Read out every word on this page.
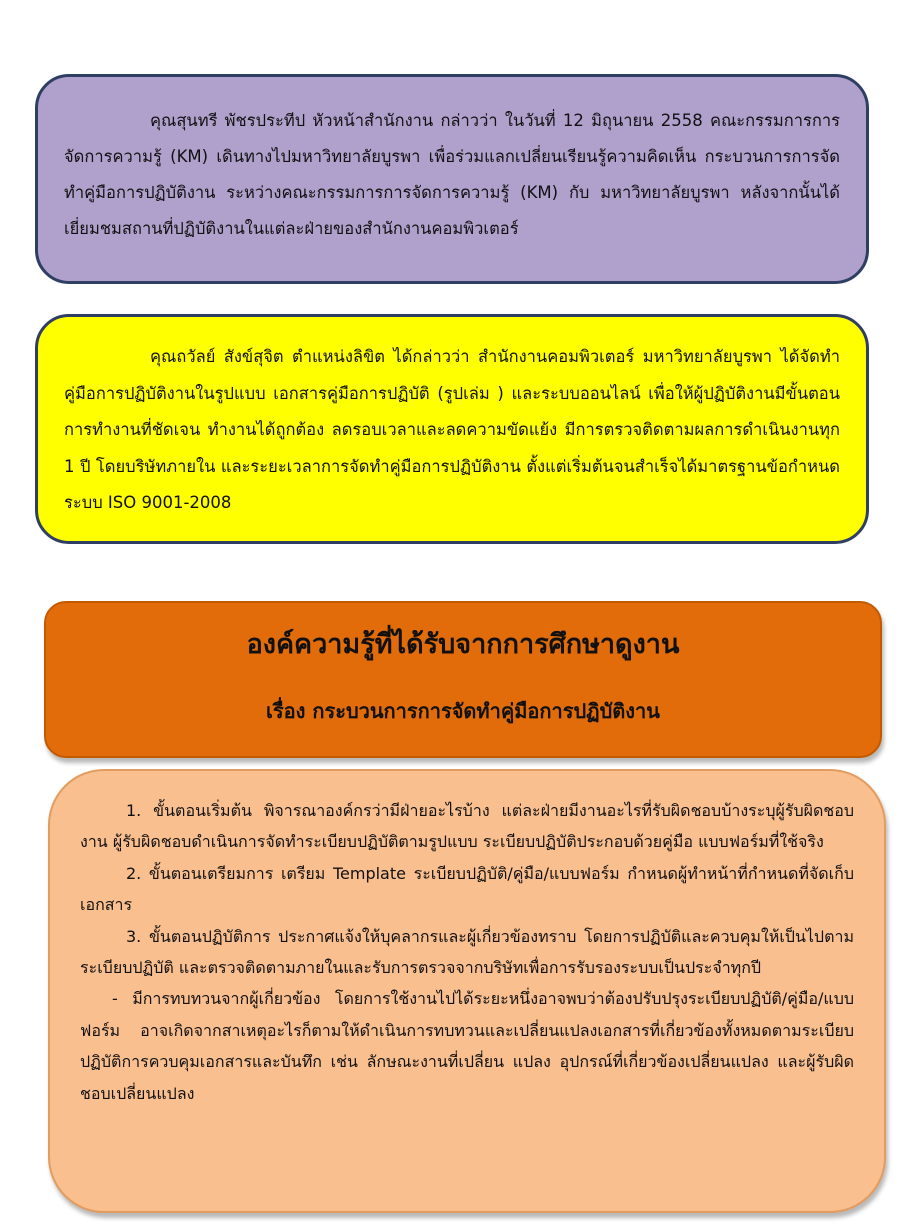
คุณสุนทรี พัชรประทีป หัวหน้าสำนักงาน กล่าวว่า ในวันที่ 12 มิถุนายน 2558 คณะกรรมการการจัดการความรู้ (KM) เดินทางไปมหาวิทยาลัยบูรพา เพื่อร่วมแลกเปลี่ยนเรียนรู้ความคิดเห็น กระบวนการการจัดทำคู่มือการปฏิบัติงาน ระหว่างคณะกรรมการการจัดการความรู้ (KM) กับ มหาวิทยาลัยบูรพา หลังจากนั้นได้เยี่ยมชมสถานที่ปฏิบัติงานในแต่ละฝ่ายของสำนักงานคอมพิวเตอร์

คุณถวัลย์ สังข์สุจิต ตำแหน่งลิขิต ได้กล่าวว่า สำนักงานคอมพิวเตอร์ มหาวิทยาลัยบูรพา ได้จัดทำคู่มือการปฏิบัติงานในรูปแบบ เอกสารคู่มือการปฏิบัติ (รูปเล่ม ) และระบบออนไลน์ เพื่อให้ผู้ปฏิบัติงานมีขั้นตอนการทำงานที่ชัดเจน ทำงานได้ถูกต้อง ลดรอบเวลาและลดความขัดแย้ง มีการตรวจติดตามผลการดำเนินงานทุก 1 ปี โดยบริษัทภายใน และระยะเวลาการจัดทำคู่มือการปฏิบัติงาน ตั้งแต่เริ่มต้นจนสำเร็จได้มาตรฐานข้อกำหนดระบบ ISO 9001-2008

องค์ความรู้ที่ได้รับจากการศึกษาดูงาน

เรื่อง กระบวนการการจัดทำคู่มือการปฏิบัติงาน

1. ขั้นตอนเริ่มต้น พิจารณาองค์กรว่ามีฝ่ายอะไรบ้าง แต่ละฝ่ายมีงานอะไรที่รับผิดชอบบ้างระบุผู้รับผิดชอบงาน ผู้รับผิดชอบดำเนินการจัดทำระเบียบปฏิบัติตามรูปแบบ ระเบียบปฏิบัติประกอบด้วยคู่มือ แบบฟอร์มที่ใช้จริง

2. ขั้นตอนเตรียมการ เตรียม Template ระเบียบปฏิบัติ/คู่มือ/แบบฟอร์ม กำหนดผู้ทำหน้าที่กำหนดที่จัดเก็บเอกสาร

3. ขั้นตอนปฏิบัติการ ประกาศแจ้งให้บุคลากรและผู้เกี่ยวข้องทราบ โดยการปฏิบัติและควบคุมให้เป็นไปตามระเบียบปฏิบัติ และตรวจติดตามภายในและรับการตรวจจากบริษัทเพื่อการรับรองระบบเป็นประจำทุกปี

- มีการทบทวนจากผู้เกี่ยวข้อง โดยการใช้งานไปได้ระยะหนึ่งอาจพบว่าต้องปรับปรุงระเบียบปฏิบัติ/คู่มือ/แบบฟอร์ม อาจเกิดจากสาเหตุอะไรก็ตามให้ดำเนินการทบทวนและเปลี่ยนแปลงเอกสารที่เกี่ยวข้องทั้งหมดตามระเบียบปฏิบัติการควบคุมเอกสารและบันทึก เช่น ลักษณะงานที่เปลี่ยน แปลง อุปกรณ์ที่เกี่ยวข้องเปลี่ยนแปลง และผู้รับผิดชอบเปลี่ยนแปลง
